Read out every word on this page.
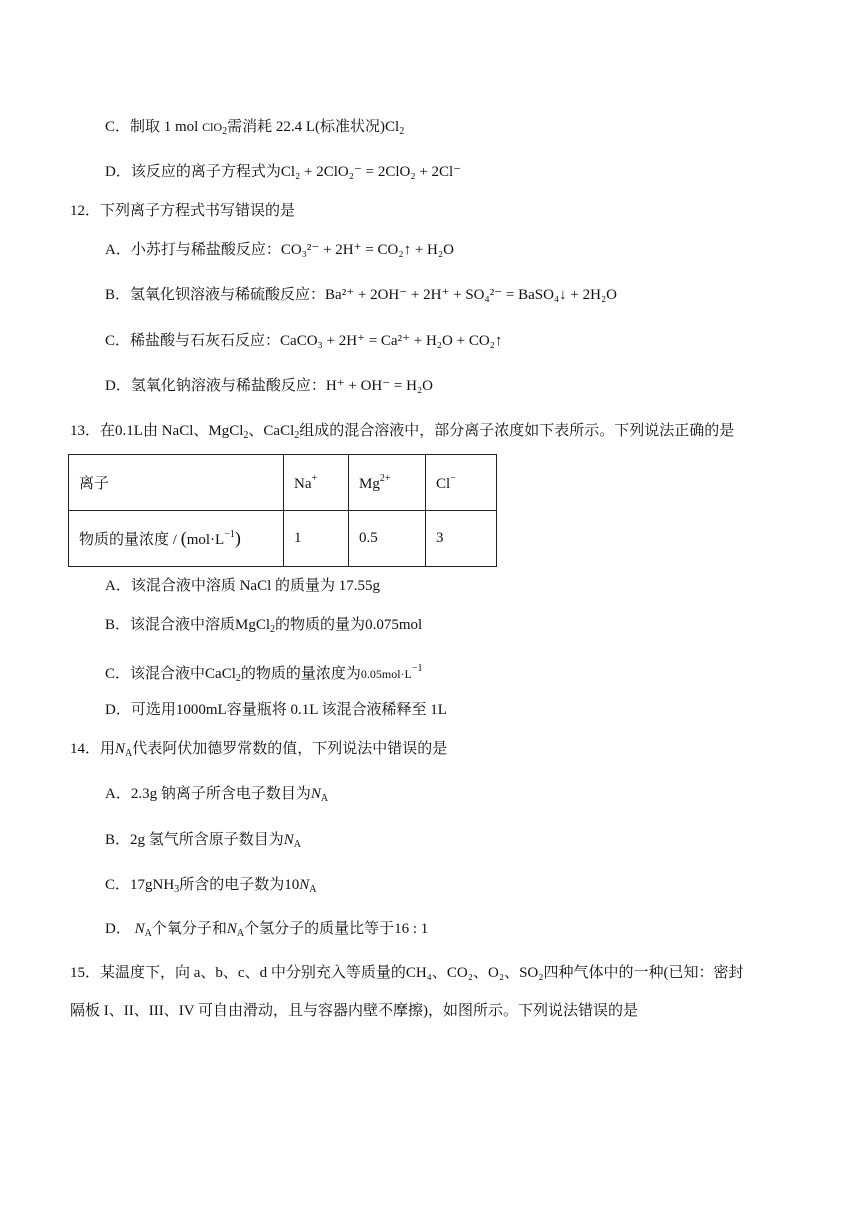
C．制取 1 mol ClO$_2$需消耗 22.4 L(标准状况)$Cl_2$
D．该反应的离子方程式为Cl₂ + 2ClO₂⁻ = 2ClO₂ + 2Cl⁻
12．下列离子方程式书写错误的是
A．小苏打与稀盐酸反应：CO₃²⁻ + 2H⁺ = CO₂↑ + H₂O
B．氢氧化钡溶液与稀硫酸反应：Ba²⁺ + 2OH⁻ + 2H⁺ + SO₄²⁻ = BaSO₄↓ + 2H₂O
C．稀盐酸与石灰石反应：CaCO₃ + 2H⁺ = Ca²⁺ + H₂O + CO₂↑
D．氢氧化钠溶液与稀盐酸反应：H⁺ + OH⁻ = H₂O
13．在0.1L由 NaCl、MgCl$_2$、CaCl$_2$组成的混合溶液中，部分离子浓度如下表所示。下列说法正确的是
离子	Na+	$Mg^{2+}$	Cl−
物质的量浓度 / $(mol\cdot L^{-1})$	1	0.5	3
A．该混合液中溶质 NaCl 的质量为 17.55g
B．该混合液中溶质MgCl$_2$的物质的量为0.075mol
C．该混合液中CaCl$_2$的物质的量浓度为$0.05mol\cdot L^{-1}$
D．可选用1000mL容量瓶将 0.1L 该混合液稀释至 1L
14．用$N_A$代表阿伏加德罗常数的值，下列说法中错误的是
A．2.3g 钠离子所含电子数目为$N_A$
B．2g 氢气所含原子数目为$N_A$
C．17gNH$_3$所含的电子数为$10N_A$
D． $N_A$个氧分子和$N_A$个氢分子的质量比等于16 : 1
15．某温度下，向 a、b、c、d 中分别充入等质量的CH₄、CO₂、O₂、SO₂四种气体中的一种(已知：密封
隔板 I、II、III、IV 可自由滑动，且与容器内壁不摩擦)，如图所示。下列说法错误的是
